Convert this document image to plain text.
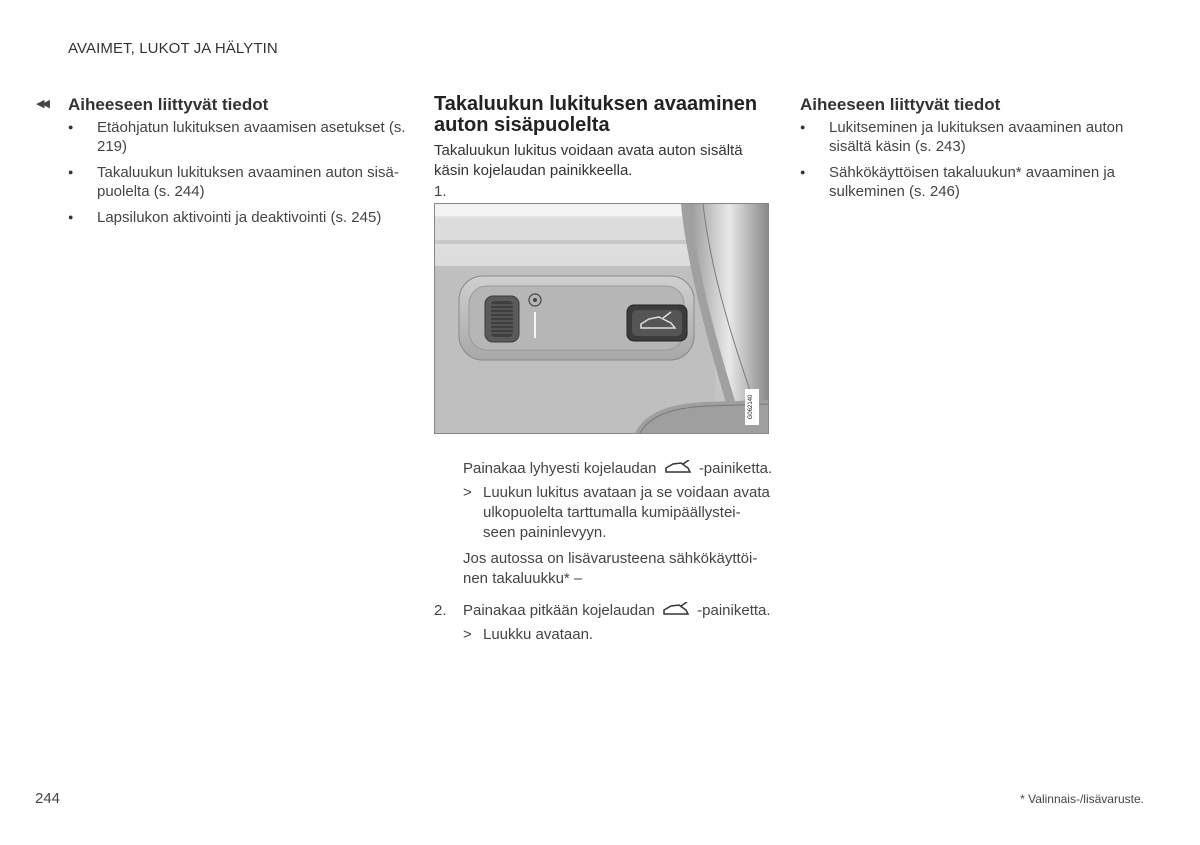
AVAIMET, LUKOT JA HÄLYTIN
◀◀ Aiheeseen liittyvät tiedot
● Etäohjatun lukituksen avaamisen asetukset (s. 219)
● Takaluukun lukituksen avaaminen auton sisä-puolelta (s. 244)
● Lapsilukon aktivointi ja deaktivointi (s. 245)
Takaluukun lukituksen avaaminen auton sisäpuolelta
Takaluukun lukitus voidaan avata auton sisältä käsin kojelaudan painikkeella.
1.
G062140
Painakaa lyhyesti kojelaudan	-painiketta.
> Luukun lukitus avataan ja se voidaan avata ulkopuolelta tarttumalla kumipäällystei-seen paininlevyyn.
Jos autossa on lisävarusteena sähkökäyttöi-nen takaluukku* –
2. Painakaa pitkään kojelaudan	-painiketta.
> Luukku avataan.
Aiheeseen liittyvät tiedot
● Lukitseminen ja lukituksen avaaminen auton sisältä käsin (s. 243)
● Sähkökäyttöisen takaluukun* avaaminen ja sulkeminen (s. 246)
244	* Valinnais-/lisävaruste.
